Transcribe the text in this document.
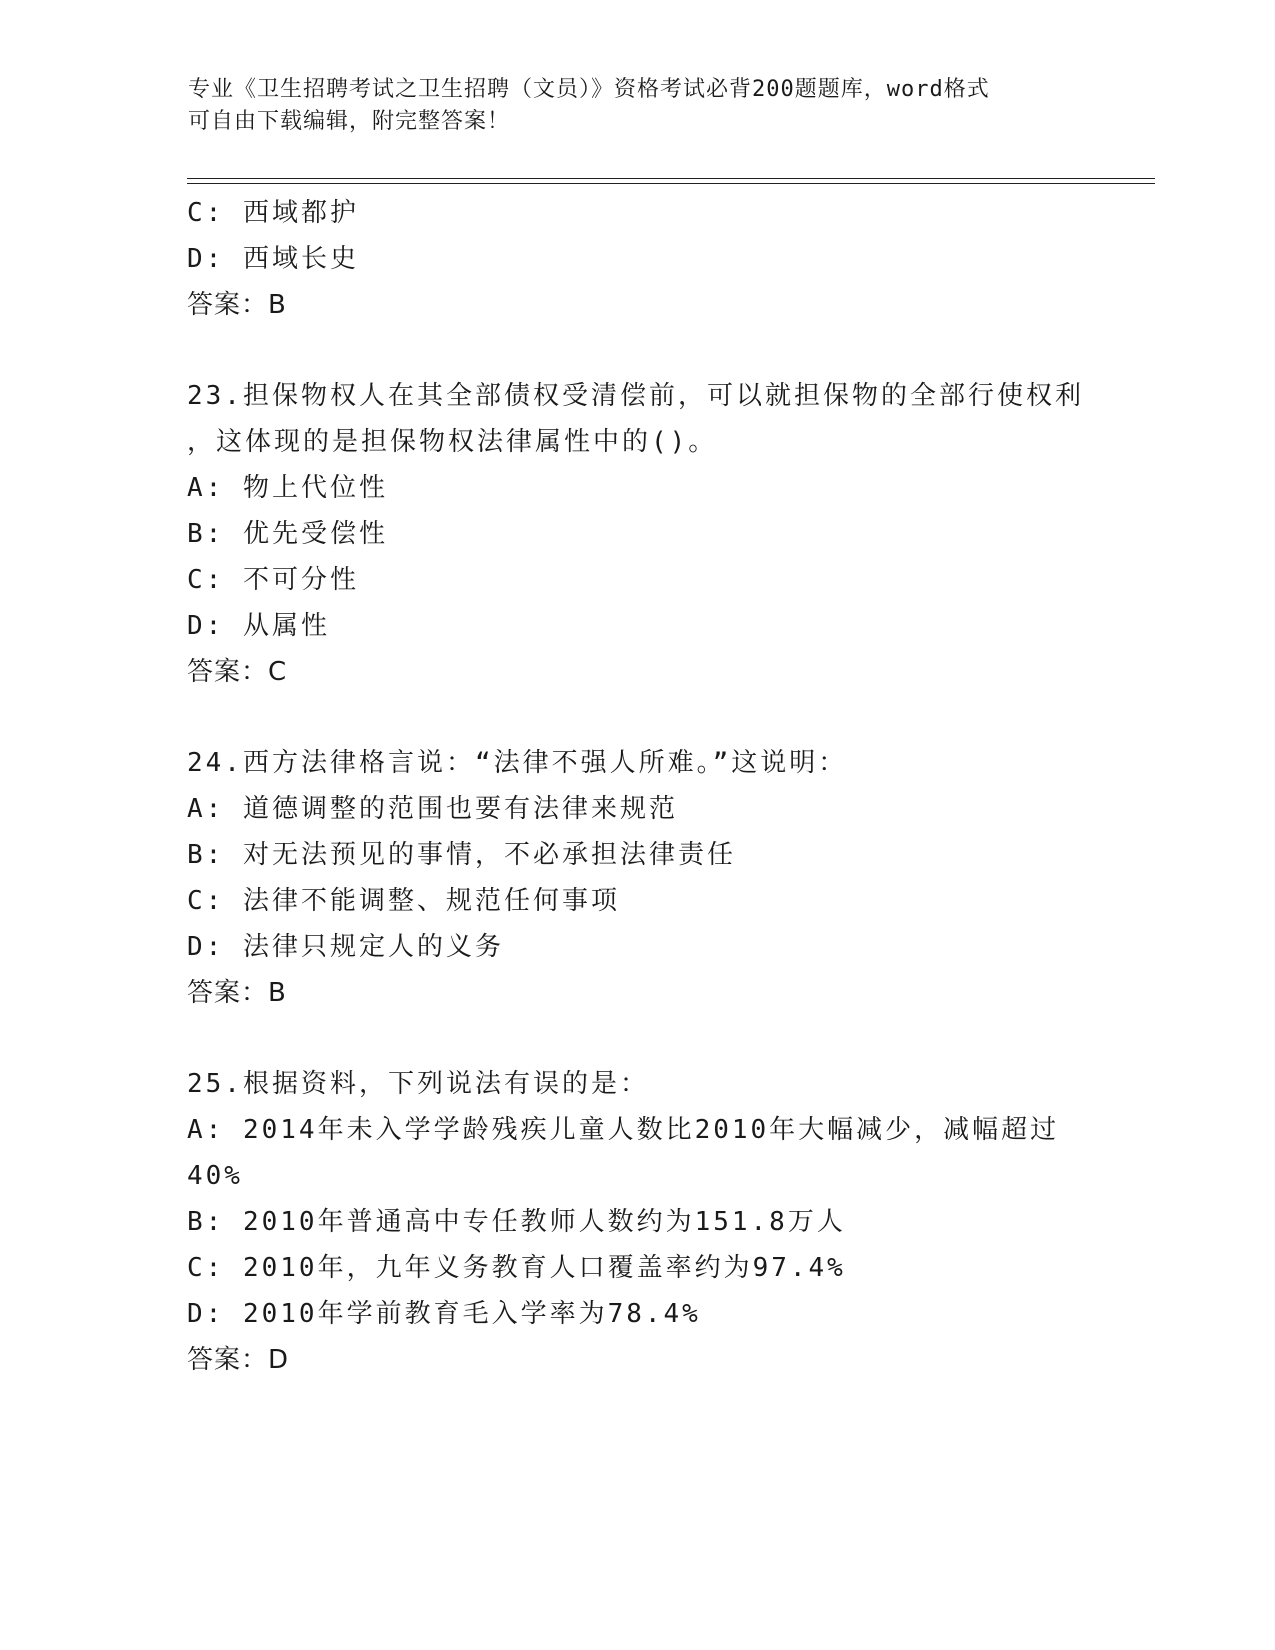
专业《卫生招聘考试之卫生招聘（文员）》资格考试必背200题题库，word格式
可自由下载编辑，附完整答案！
C: 西域都护
D: 西域长史
答案：B
23.担保物权人在其全部债权受清偿前，可以就担保物的全部行使权利
，这体现的是担保物权法律属性中的()。
A: 物上代位性
B: 优先受偿性
C: 不可分性
D: 从属性
答案：C
24.西方法律格言说：“法律不强人所难。”这说明：
A: 道德调整的范围也要有法律来规范
B: 对无法预见的事情，不必承担法律责任
C: 法律不能调整、规范任何事项
D: 法律只规定人的义务
答案：B
25.根据资料，下列说法有误的是：
A: 2014年未入学学龄残疾儿童人数比2010年大幅减少，减幅超过
40%
B: 2010年普通高中专任教师人数约为151.8万人
C: 2010年，九年义务教育人口覆盖率约为97.4%
D: 2010年学前教育毛入学率为78.4%
答案：D
